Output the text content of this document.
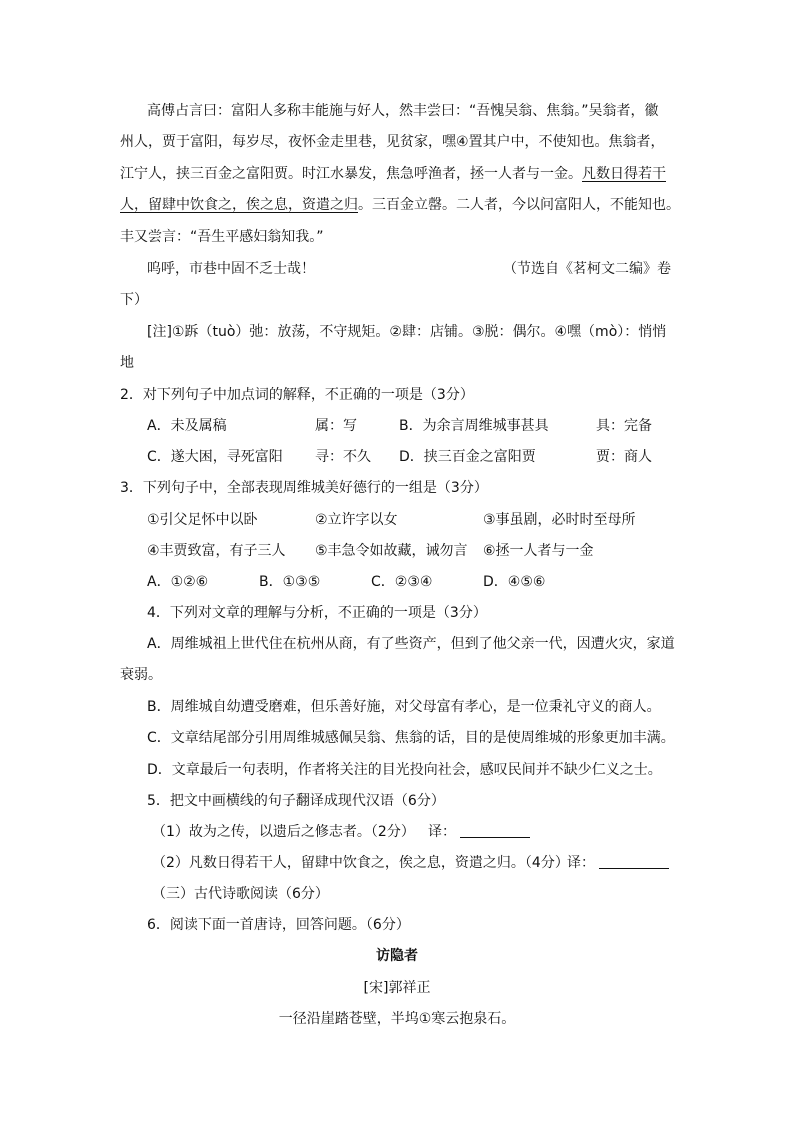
高傅占言曰：富阳人多称丰能施与好人，然丰尝曰：“吾愧吴翁、焦翁。”吴翁者，徽
州人，贾于富阳，每岁尽，夜怀金走里巷，见贫家，嘿④置其户中，不使知也。焦翁者，
江宁人，挟三百金之富阳贾。时江水暴发，焦急呼渔者，拯一人者与一金。凡数日得若干
人，留肆中饮食之，俟之息，资遣之归。三百金立罄。二人者，今以问富阳人，不能知也。
丰又尝言：“吾生平感妇翁知我。”
呜呼，市巷中固不乏士哉！	（节选自《茗柯文二编》卷
下）
[注]①跅（tuò）弛：放荡，不守规矩。②肆：店铺。③脱：偶尔。④嘿（mò）：悄悄
地
2．对下列句子中加点词的解释，不正确的一项是（3分）
A．未及属稿	属：写	B．为余言周维城事甚具	具：完备
C．遂大困，寻死富阳 寻：不久 D．挟三百金之富阳贾	贾：商人
3．下列句子中，全部表现周维城美好德行的一组是（3分）
①引父足怀中以卧	②立许字以女	③事虽剧，必时时至母所
④丰贾致富，有子三人 ⑤丰急令如故藏，诫勿言 ⑥拯一人者与一金
A．①②⑥	B．①③⑤	C．②③④	D．④⑤⑥
4．下列对文章的理解与分析，不正确的一项是（3分）
A．周维城祖上世代住在杭州从商，有了些资产，但到了他父亲一代，因遭火灾，家道
衰弱。
B．周维城自幼遭受磨难，但乐善好施，对父母富有孝心，是一位秉礼守义的商人。
C．文章结尾部分引用周维城感佩吴翁、焦翁的话，目的是使周维城的形象更加丰满。
D．文章最后一句表明，作者将关注的目光投向社会，感叹民间并不缺少仁义之士。
5．把文中画横线的句子翻译成现代汉语（6分）
（1）故为之传，以遗后之修志者。（2分） 译：
（2）凡数日得若干人，留肆中饮食之，俟之息，资遣之归。（4分）
译：
（三）古代诗歌阅读（6分）
6．阅读下面一首唐诗，回答问题。（6分）
访隐者
[宋]郭祥正
一径沿崖踏苍壁，半坞①寒云抱泉石。
